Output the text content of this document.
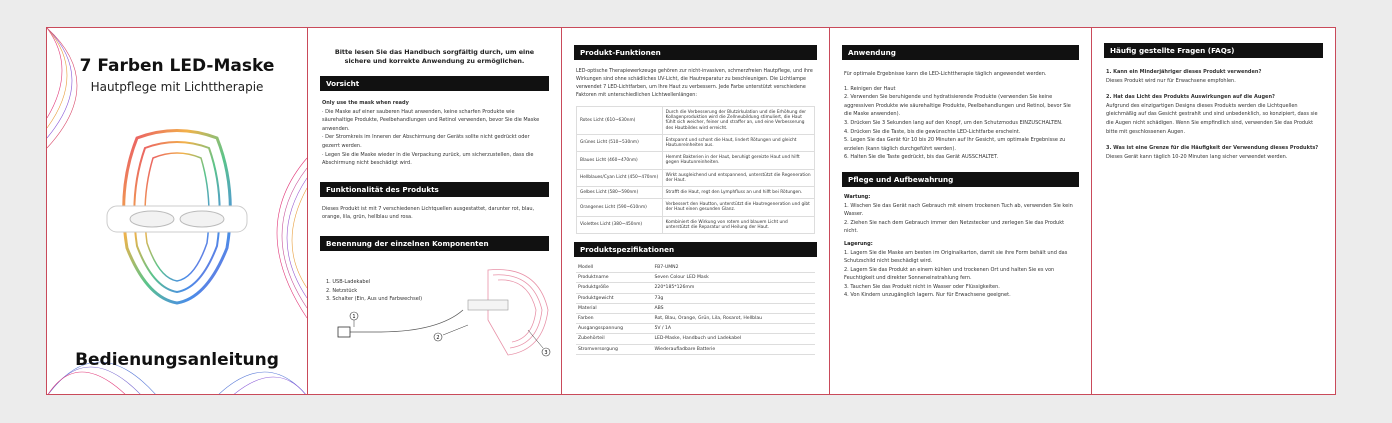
7 Farben LED-Maske
Hautpflege mit Lichttherapie
Bedienungsanleitung

Bitte lesen Sie das Handbuch sorgfältig durch, um eine sichere und korrekte Anwendung zu ermöglichen.

Vorsicht

Only use the mask when ready

· Die Maske auf einer sauberen Haut anwenden, keine scharfen Produkte wie säurehaltige Produkte, Peelbehandlungen und Retinol verwenden, bevor Sie die Maske anwenden.

· Der Stromkreis im Inneren der Abschirmung der Geräts sollte nicht gedrückt oder gezerrt werden.

· Legen Sie die Maske wieder in die Verpackung zurück, um sicherzustellen, dass die Abschirmung nicht beschädigt wird.

Funktionalität des Produkts

Dieses Produkt ist mit 7 verschiedenen Lichtquellen ausgestattet, darunter rot, blau, orange, lila, grün, hellblau und rosa.

Benennung der einzelnen Komponenten

1. USB-Ladekabel

2. Netzstück

3. Schalter (Ein, Aus und Farbwechsel)

1
2
3
Produkt-Funktionen

LED-optische Therapiewerkzeuge gehören zur nicht-invasiven, schmerzfreien Hautpflege, und ihre Wirkungen sind ohne schädliches UV-Licht, die Hautreparatur zu beschleunigen. Die Lichtlampe verwendet 7 LED-Lichtfarben, um Ihre Haut zu verbessern. Jede Farbe unterstützt verschiedene Faktoren mit unterschiedlichen Lichtwellenlängen:

Rotes Licht (610~630nm)	Durch die Verbesserung der Blutzirkulation und die Erhöhung der Kollagenproduktion wird die Zellneubildung stimuliert, die Haut fühlt sich weicher, feiner und straffer an, und eine Verbesserung des Hautbildes wird erreicht.
Grünes Licht (510~530nm)	Entspannt und schont die Haut, lindert Rötungen und gleicht Hautunreinheiten aus.
Blaues Licht (460~470nm)	Hemmt Bakterien in der Haut, beruhigt gereizte Haut und hilft gegen Hautunreinheiten.
Hellblaues/Cyan Licht (450~470nm)	Wirkt ausgleichend und entspannend, unterstützt die Regeneration der Haut.
Gelbes Licht (580~590nm)	Strafft die Haut, regt den Lymphfluss an und hilft bei Rötungen.
Orangenes Licht (590~610nm)	Verbessert den Hautton, unterstützt die Hautregeneration und gibt der Haut einen gesunden Glanz.
Violettes Licht (380~450nm)	Kombiniert die Wirkung von rotem und blauem Licht und unterstützt die Reparatur und Heilung der Haut.
Produktspezifikationen
Modell	FB7-UMN2
Produktname	Seven Colour LED Mask
Produktgröße	220*185*126mm
Produktgewicht	73g
Material	ABS
Farben	Rot, Blau, Orange, Grün, Lila, Rosarot, Hellblau
Ausgangsspannung	5V / 1A
Zubehörteil	LED-Maske, Handbuch und Ladekabel
Stromversorgung	Wiederaufladbare Batterie
Anwendung

Für optimale Ergebnisse kann die LED-Lichttherapie täglich angewendet werden.

1. Reinigen der Haut

2. Verwenden Sie beruhigende und hydratisierende Produkte (verwenden Sie keine aggressiven Produkte wie säurehaltige Produkte, Peelbehandlungen und Retinol, bevor Sie die Maske anwenden).

3. Drücken Sie 3 Sekunden lang auf den Knopf, um den Schutzmodus EINZUSCHALTEN.

4. Drücken Sie die Taste, bis die gewünschte LED-Lichtfarbe erscheint.

5. Legen Sie das Gerät für 10 bis 20 Minuten auf Ihr Gesicht, um optimale Ergebnisse zu erzielen (kann täglich durchgeführt werden).

6. Halten Sie die Taste gedrückt, bis das Gerät AUSSCHALTET.

Pflege und Aufbewahrung

Wartung:

1. Wischen Sie das Gerät nach Gebrauch mit einem trockenen Tuch ab, verwenden Sie kein Wasser.

2. Ziehen Sie nach dem Gebrauch immer den Netzstecker und zerlegen Sie das Produkt nicht.

Lagerung:

1. Lagern Sie die Maske am besten im Originalkarton, damit sie ihre Form behält und das Schutzschild nicht beschädigt wird.

2. Lagern Sie das Produkt an einem kühlen und trockenen Ort und halten Sie es von Feuchtigkeit und direkter Sonneneinstrahlung fern.

3. Tauchen Sie das Produkt nicht in Wasser oder Flüssigkeiten.

4. Von Kindern unzugänglich lagern. Nur für Erwachsene geeignet.

Häufig gestellte Fragen (FAQs)

1. Kann ein Minderjähriger dieses Produkt verwenden?

Dieses Produkt wird nur für Erwachsene empfohlen.

2. Hat das Licht des Produkts Auswirkungen auf die Augen?

Aufgrund des einzigartigen Designs dieses Produkts werden die Lichtquellen gleichmäßig auf das Gesicht gestrahlt und sind unbedenklich, so konzipiert, dass sie die Augen nicht schädigen. Wenn Sie empfindlich sind, verwenden Sie das Produkt bitte mit geschlossenen Augen.

3. Was ist eine Grenze für die Häufigkeit der Verwendung dieses Produkts?

Dieses Gerät kann täglich 10-20 Minuten lang sicher verwendet werden.
